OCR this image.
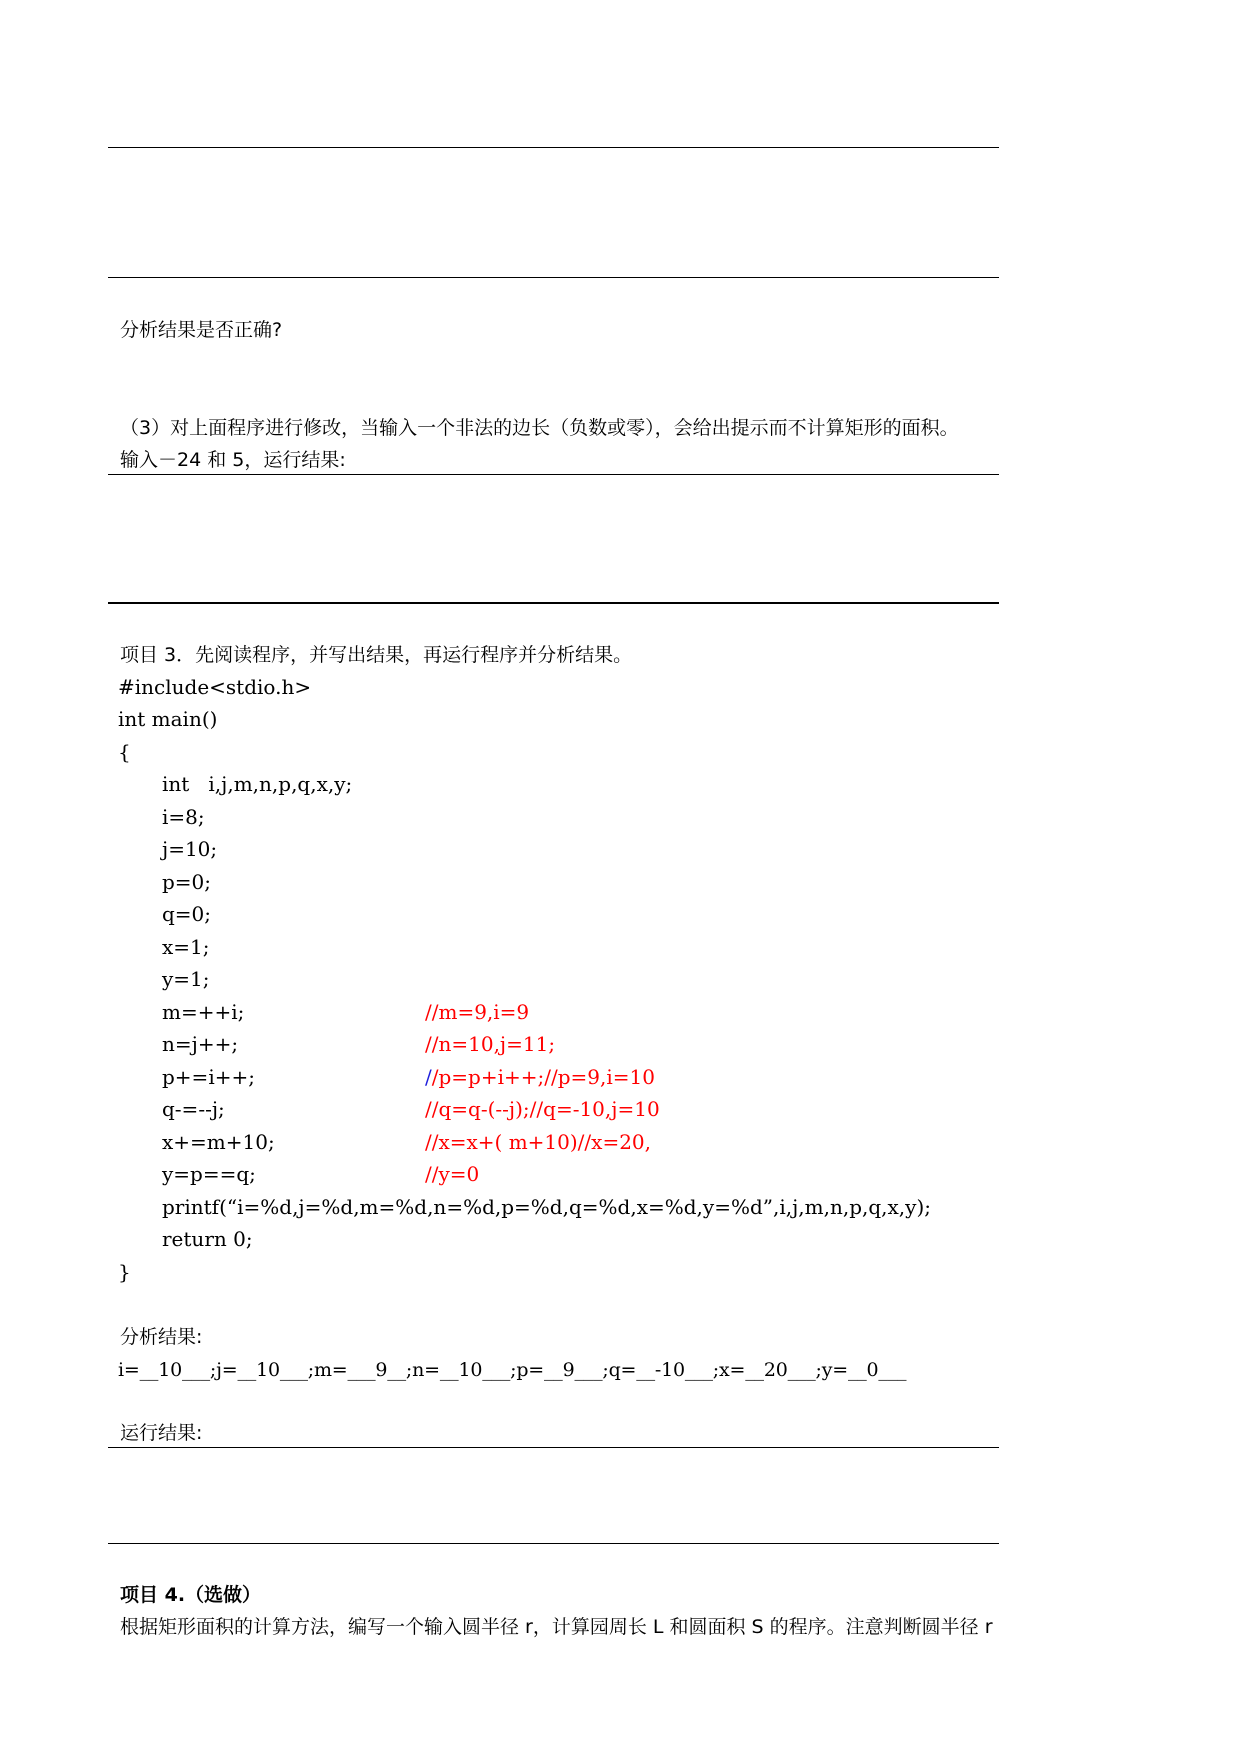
分析结果是否正确?
（3）对上面程序进行修改，当输入一个非法的边长（负数或零），会给出提示而不计算矩形的面积。
输入－24 和 5，运行结果:
项目 3．先阅读程序，并写出结果，再运行程序并分析结果。
#include<stdio.h>
int main()
{
int   i,j,m,n,p,q,x,y;
i=8;
j=10;
p=0;
q=0;
x=1;
y=1;
m=++i;
n=j++;
p+=i++;
q-=--j;
x+=m+10;
y=p==q;
printf(“i=%d,j=%d,m=%d,n=%d,p=%d,q=%d,x=%d,y=%d”,i,j,m,n,p,q,x,y);
return 0;
}
//m=9,i=9
//n=10,j=11;
//p=p+i++;//p=9,i=10
//q=q-(--j);//q=-10,j=10
//x=x+( m+10)//x=20,
//y=0
分析结果:
i=__10___;j=__10___;m=___9__;n=__10___;p=__9___;q=__-10___;x=__20___;y=__0___
运行结果:
项目 4.（选做）
根据矩形面积的计算方法，编写一个输入圆半径 r，计算园周长 L 和圆面积 S 的程序。注意判断圆半径 r
